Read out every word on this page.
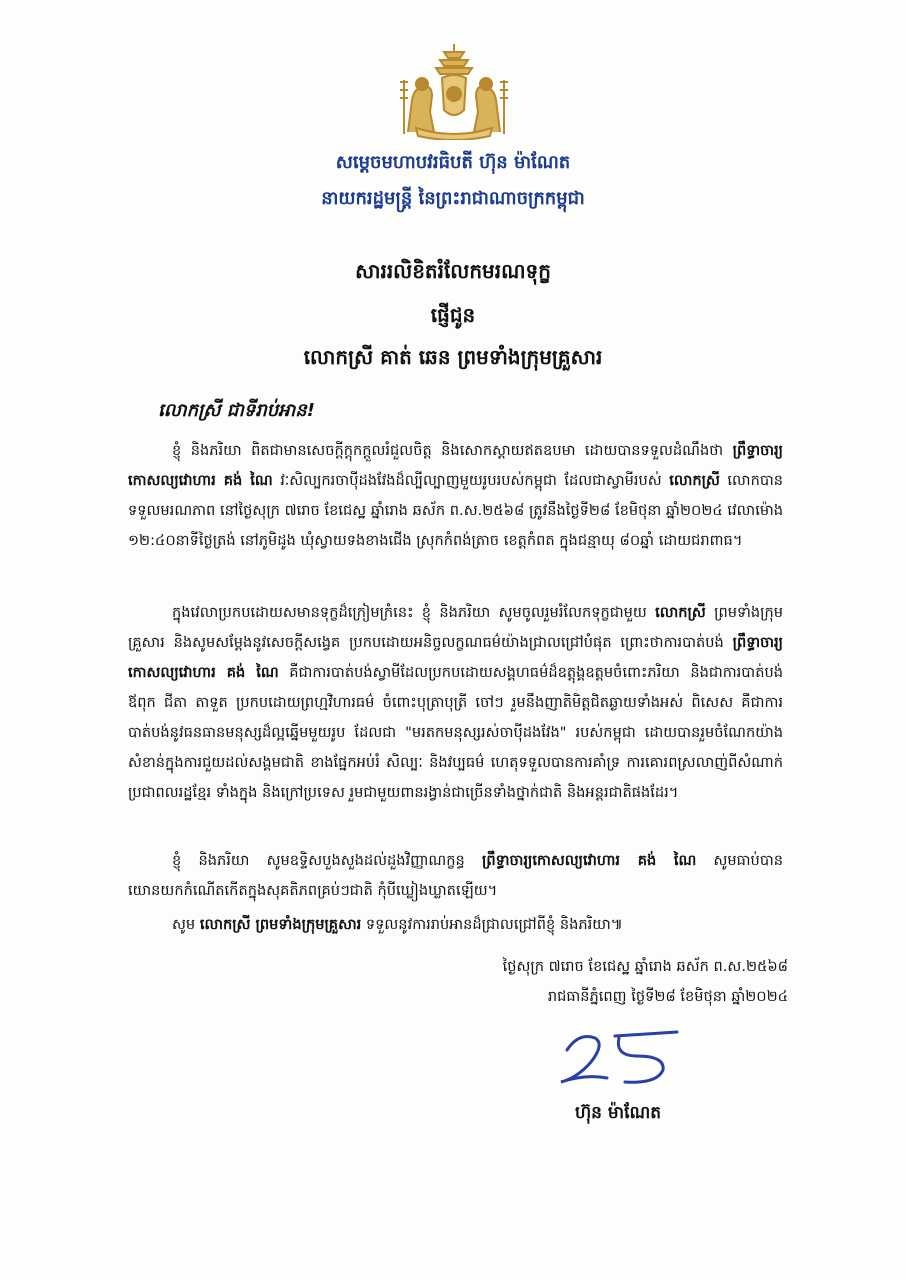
សម្ដេចមហាបវរធិបតី ហ៊ុន ម៉ាណែត
នាយករដ្ឋមន្ត្រី នៃព្រះរាជាណាចក្រកម្ពុជា
សាររលិខិតរំលែកមរណទុក្ខ
ផ្ញើជូន
លោកស្រី គាត់ ឆេន ព្រមទាំងក្រុមគ្រួសារ
លោកស្រី ជាទីរាប់អាន!
ខ្ញុំ និងភរិយា ពិតជាមានសេចក្តីក្តុកក្តួលរំជួលចិត្ត និងសោកស្តាយឥតឧបមា ដោយបានទទួលដំណឹងថា ព្រឹទ្ធាចារ្យកោសល្យវោហារ គង់ ណៃ វៈសិល្បករចាប៉ីដងវែងដ៏ល្បីល្បាញមួយរូបរបស់កម្ពុជា ដែលជាស្វាមីរបស់ លោកស្រី លោកបានទទួលមរណភាព នៅថ្ងៃសុក្រ ៧រោច ខែជេស្ឋ ឆ្នាំរោង ឆស័ក ព.ស.២៥៦៨ ត្រូវនឹងថ្ងៃទី២៨ ខែមិថុនា ឆ្នាំ២០២៤ វេលាម៉ោង ១២:៤០នាទីថ្ងៃត្រង់ នៅភូមិដូង ឃុំស្វាយទងខាងជើង ស្រុកកំពង់ត្រាច ខេត្តកំពត ក្នុងជន្មាយុ ៨០ឆ្នាំ ដោយជរាពាធ។
ក្នុងវេលាប្រកបដោយសមានទុក្ខដ៏ក្រៀមក្រំនេះ ខ្ញុំ និងភរិយា សូមចូលរួមរំលែកទុក្ខជាមួយ លោកស្រី ព្រមទាំងក្រុមគ្រួសារ និងសូមសម្ដែងនូវសេចក្តីសង្វេគ ប្រកបដោយអនិច្ចលក្ខណធម៌យ៉ាងជ្រាលជ្រៅបំផុត ព្រោះថាការបាត់បង់ ព្រឹទ្ធាចារ្យកោសល្យវោហារ គង់ ណៃ គឺជាការបាត់បង់ស្វាមីដែលប្រកបដោយសង្គហធម៌ដ៏ឧត្តុង្គឧត្តមចំពោះភរិយា និងជាការបាត់បង់ឪពុក ជីតា តាទួត ប្រកបដោយព្រហ្មវិហារធម៌ ចំពោះបុត្រាបុត្រី ចៅៗ រួមនឹងញាតិមិត្តជិតឆ្ងាយទាំងអស់ ពិសេស គឺជាការបាត់បង់នូវធនធានមនុស្សដ៏ល្អឆ្នើមមួយរូប ដែលជា "មរតកមនុស្សរស់ចាប៉ីដងវែង" របស់កម្ពុជា ដោយបានរួមចំណែកយ៉ាងសំខាន់ក្នុងការជួយដល់សង្គមជាតិ ខាងផ្នែកអប់រំ សិល្បៈ និងវប្បធម៌ ហេតុទទួលបានការគាំទ្រ ការគោរពស្រលាញ់ពីសំណាក់ប្រជាពលរដ្ឋខ្មែរ ទាំងក្នុង និងក្រៅប្រទេស រួមជាមួយពានរង្វាន់ជាច្រើនទាំងថ្នាក់ជាតិ និងអន្តរជាតិផងដែរ។
ខ្ញុំ និងភរិយា សូមឧទ្ទិសបួងសួងដល់ដួងវិញ្ញាណក្ខន្ធ ព្រឹទ្ធាចារ្យកោសល្យវោហារ គង់ ណៃ សូមធាប់បានយោនយកកំណើតកើតក្នុងសុគតិភពគ្រប់ៗជាតិ កុំបីឃ្លៀងឃ្លាតឡើយ។
សូម លោកស្រី ព្រមទាំងក្រុមគ្រួសារ ទទួលនូវការរាប់អានដ៏ជ្រាលជ្រៅពីខ្ញុំ និងភរិយា៕
ថ្ងៃសុក្រ ៧រោច ខែជេស្ឋ ឆ្នាំរោង ឆស័ក ព.ស.២៥៦៨
រាជធានីភ្នំពេញ ថ្ងៃទី២៨ ខែមិថុនា ឆ្នាំ២០២៤
ហ៊ុន ម៉ាណែត
